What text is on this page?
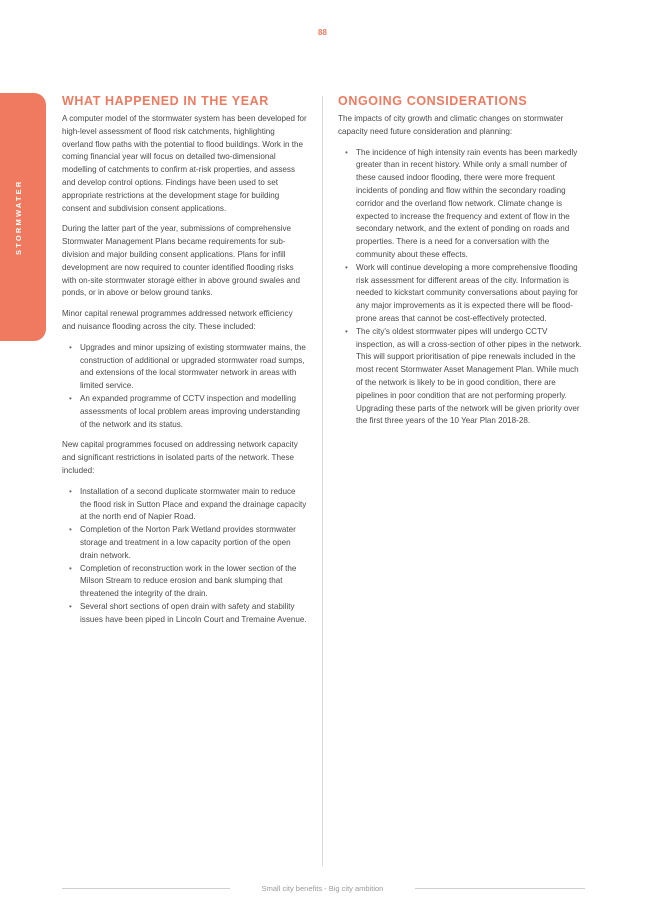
88
STORMWATER
WHAT HAPPENED IN THE YEAR

A computer model of the stormwater system has been developed for high-level assessment of flood risk catchments, highlighting overland flow paths with the potential to flood buildings. Work in the coming financial year will focus on detailed two-dimensional modelling of catchments to confirm at-risk properties, and assess and develop control options. Findings have been used to set appropriate restrictions at the development stage for building consent and subdivision consent applications.

During the latter part of the year, submissions of comprehensive Stormwater Management Plans became requirements for sub-division and major building consent applications. Plans for infill development are now required to counter identified flooding risks with on-site stormwater storage either in above ground swales and ponds, or in above or below ground tanks.

Minor capital renewal programmes addressed network efficiency and nuisance flooding across the city. These included:

• Upgrades and minor upsizing of existing stormwater mains, the construction of additional or upgraded stormwater road sumps, and extensions of the local stormwater network in areas with limited service.
• An expanded programme of CCTV inspection and modelling assessments of local problem areas improving understanding of the network and its status.

New capital programmes focused on addressing network capacity and significant restrictions in isolated parts of the network. These included:

• Installation of a second duplicate stormwater main to reduce the flood risk in Sutton Place and expand the drainage capacity at the north end of Napier Road.
• Completion of the Norton Park Wetland provides stormwater storage and treatment in a low capacity portion of the open drain network.
• Completion of reconstruction work in the lower section of the Milson Stream to reduce erosion and bank slumping that threatened the integrity of the drain.
• Several short sections of open drain with safety and stability issues have been piped in Lincoln Court and Tremaine Avenue.
ONGOING CONSIDERATIONS

The impacts of city growth and climatic changes on stormwater capacity need future consideration and planning:

• The incidence of high intensity rain events has been markedly greater than in recent history. While only a small number of these caused indoor flooding, there were more frequent incidents of ponding and flow within the secondary roading corridor and the overland flow network. Climate change is expected to increase the frequency and extent of flow in the secondary network, and the extent of ponding on roads and properties. There is a need for a conversation with the community about these effects.
• Work will continue developing a more comprehensive flooding risk assessment for different areas of the city. Information is needed to kickstart community conversations about paying for any major improvements as it is expected there will be flood-prone areas that cannot be cost-effectively protected.
• The city's oldest stormwater pipes will undergo CCTV inspection, as will a cross-section of other pipes in the network. This will support prioritisation of pipe renewals included in the most recent Stormwater Asset Management Plan. While much of the network is likely to be in good condition, there are pipelines in poor condition that are not performing properly. Upgrading these parts of the network will be given priority over the first three years of the 10 Year Plan 2018-28.
Small city benefits - Big city ambition
